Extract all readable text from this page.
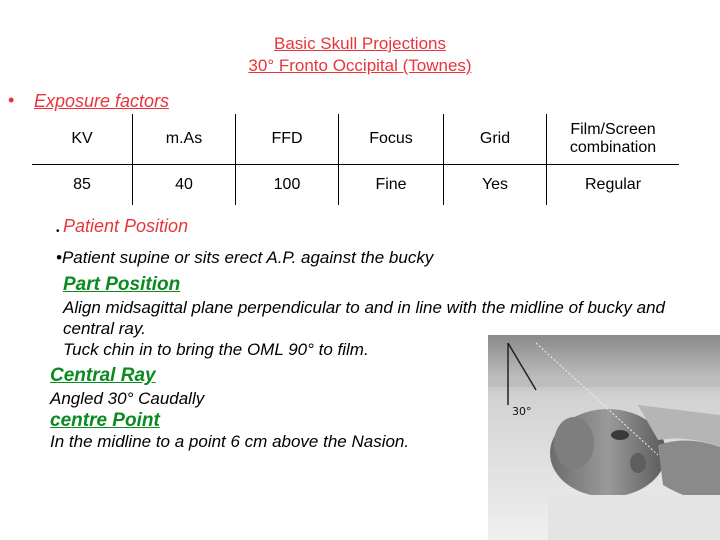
Basic Skull Projections
30° Fronto Occipital (Townes)
• Exposure factors
KV	m.As	FFD	Focus	Grid	Film/Screen combination
85	40	100	Fine	Yes	Regular
• Patient Position
•Patient supine or sits erect A.P. against the bucky
Part Position
Align midsagittal plane perpendicular to and in line with the midline of bucky and central ray.
Tuck chin in to bring the OML 90° to film.
Central Ray
Angled 30° Caudally
centre Point
In the midline to a point 6 cm above the Nasion.
30°
